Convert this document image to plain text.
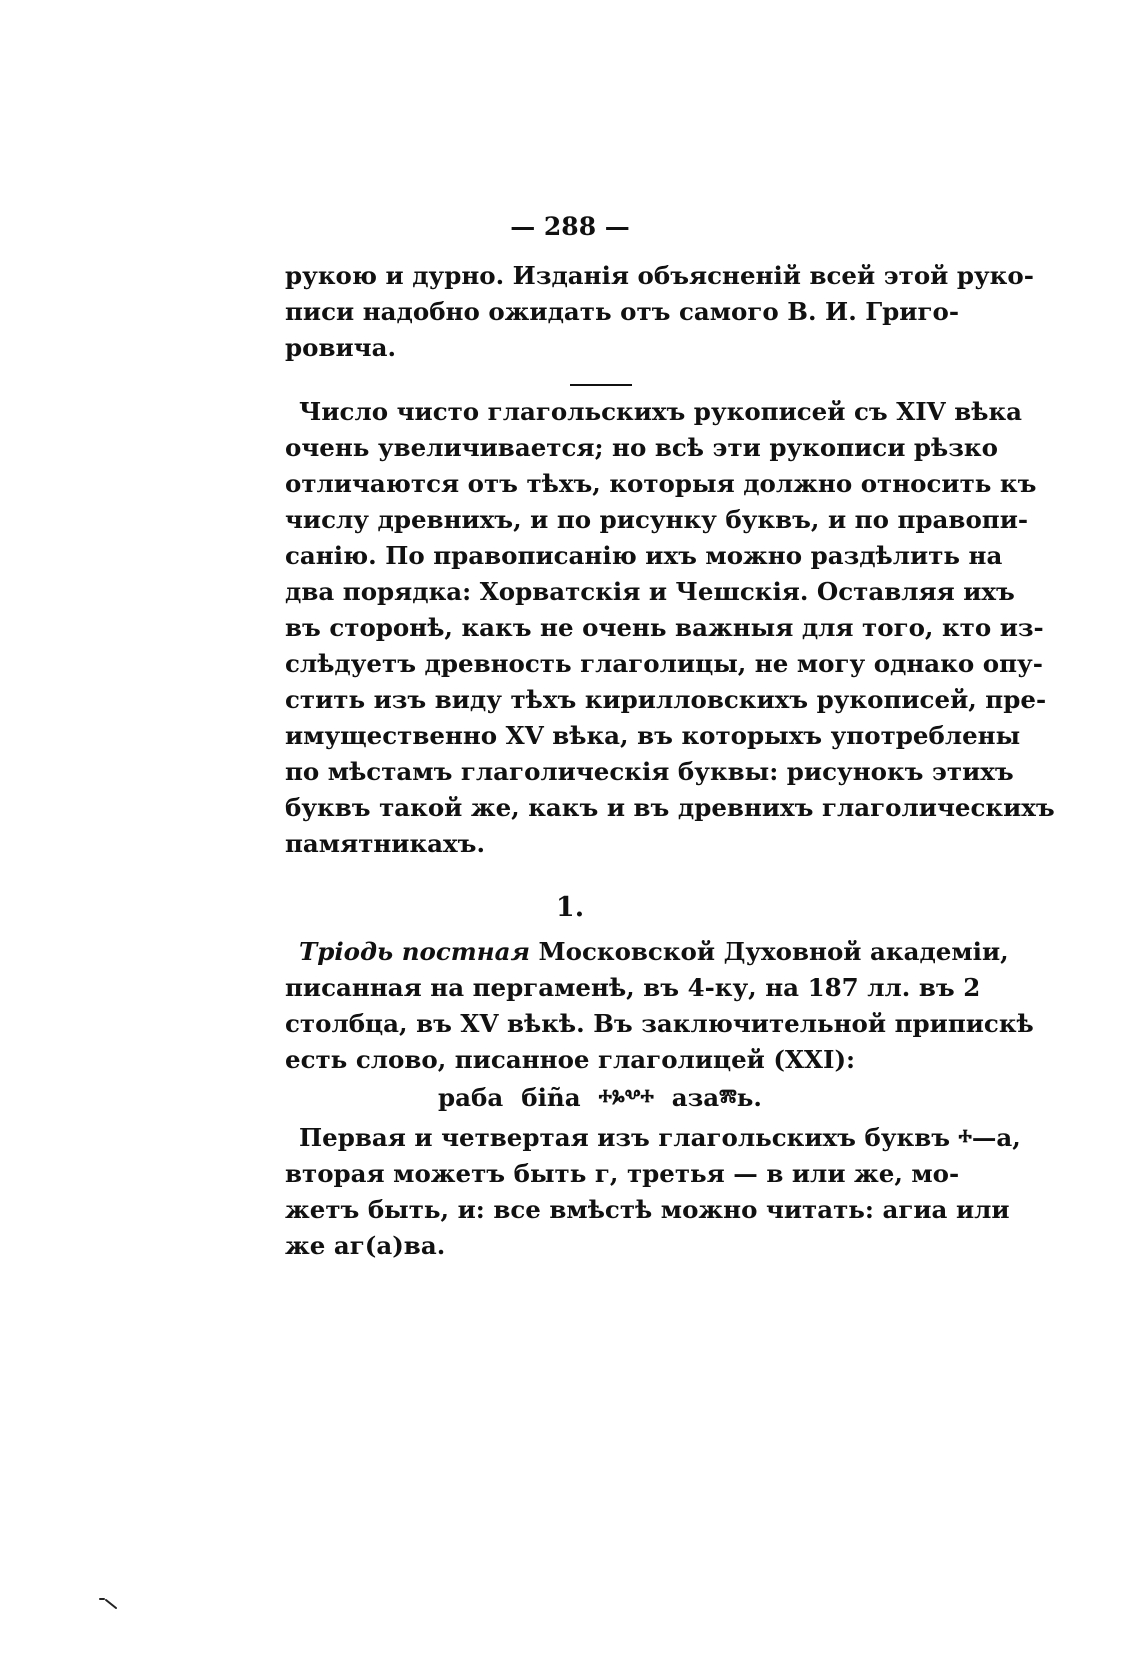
— 288 —
рукою и дурно. Изданія объясненій всей этой руко-
писи надобно ожидать отъ самого В. И. Григо-
ровича.
Число чисто глагольскихъ рукописей съ XIV вѣка
очень увеличивается; но всѣ эти рукописи рѣзко
отличаются отъ тѣхъ, которыя должно относить къ
числу древнихъ, и по рисунку буквъ, и по правопи-
санію. По правописанію ихъ можно раздѣлить на
два порядка: Хорватскія и Чешскія. Оставляя ихъ
въ сторонѣ, какъ не очень важныя для того, кто из-
слѣдуетъ древность глаголицы, не могу однако опу-
стить изъ виду тѣхъ кирилловскихъ рукописей, пре-
имущественно XV вѣка, въ которыхъ употреблены
по мѣстамъ глаголическія буквы: рисунокъ этихъ
буквъ такой же, какъ и въ древнихъ глаголическихъ
памятникахъ.
1.
Тріодь постная Московской Духовной академіи,
писанная на пергаменѣ, въ 4-ку, на 187 лл. въ 2
столбца, въ XV вѣкѣ. Въ заключительной припискѣ
есть слово, писанное глаголицей (XXI):
раба бiña ⰰⰳⰲⰰ азаⰿь.
Первая и четвертая изъ глагольскихъ буквъ ⰰ—а,
вторая можетъ быть г, третья — в или же, мо-
жетъ быть, и: все вмѣстѣ можно читать: агиа или
же аг(а)ва.
